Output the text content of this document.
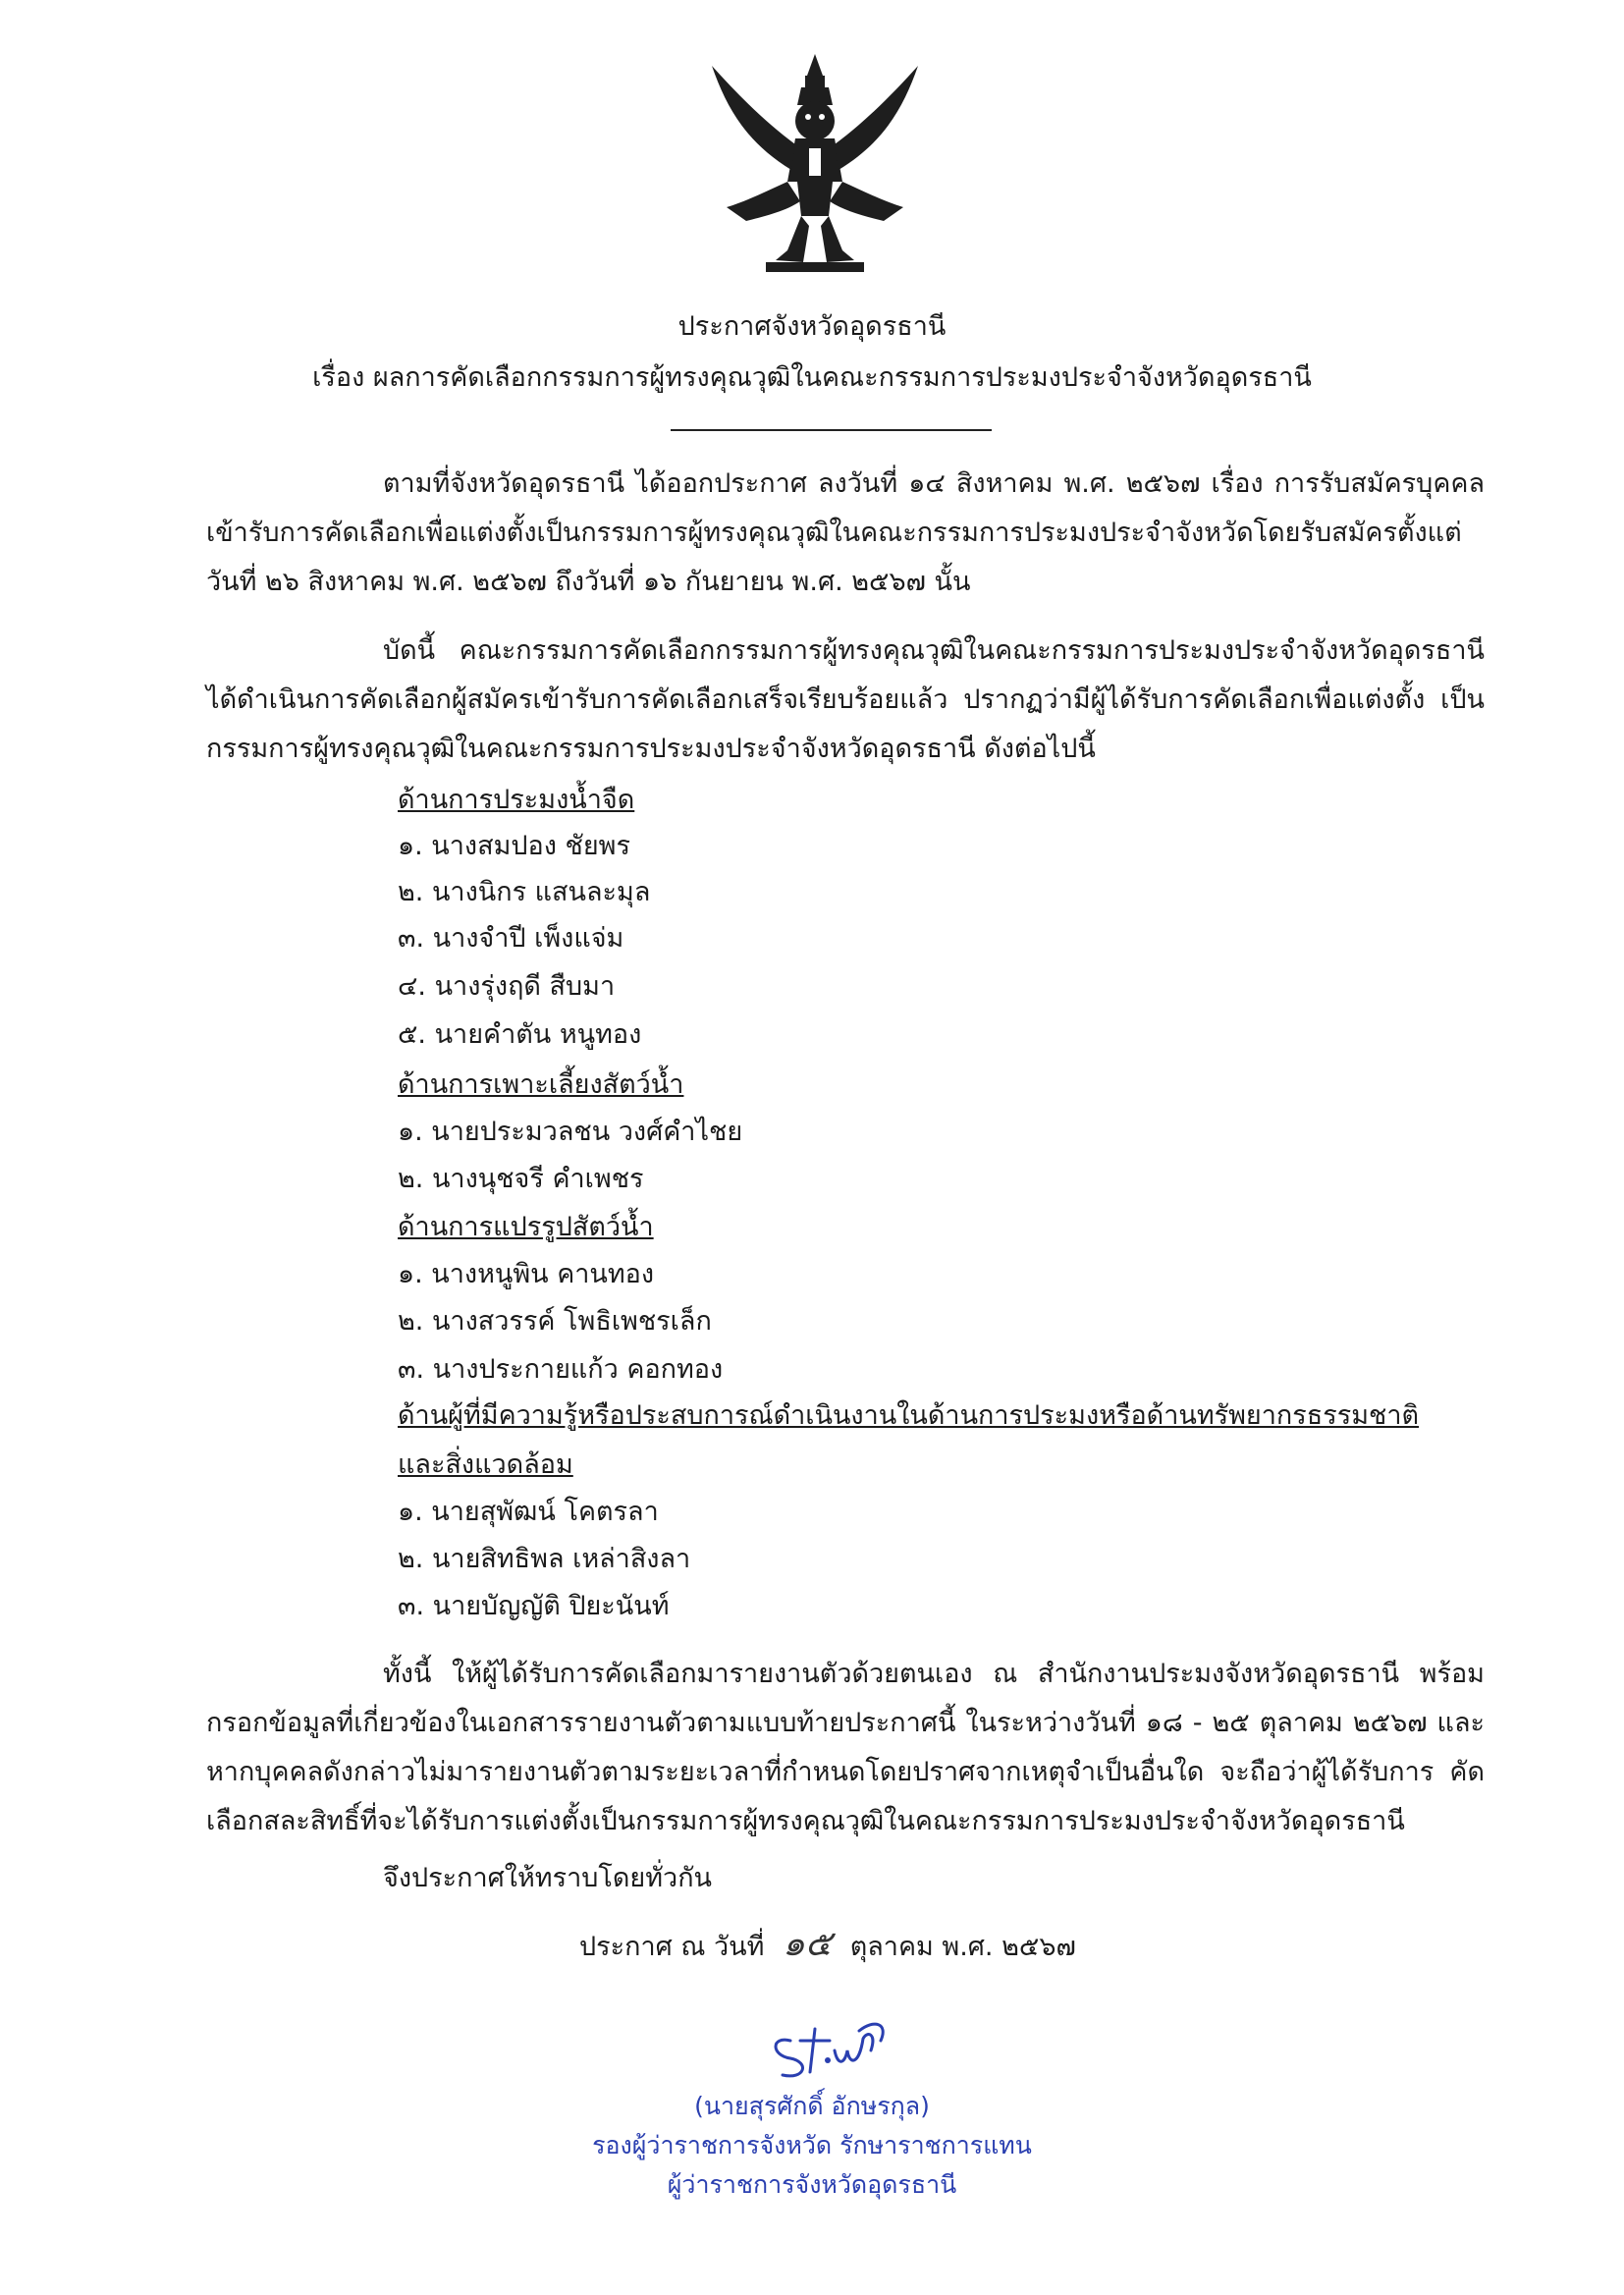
ประกาศจังหวัดอุดรธานี
เรื่อง ผลการคัดเลือกกรรมการผู้ทรงคุณวุฒิในคณะกรรมการประมงประจำจังหวัดอุดรธานี

ตามที่จังหวัดอุดรธานี ได้ออกประกาศ ลงวันที่ ๑๔ สิงหาคม พ.ศ. ๒๕๖๗ เรื่อง การรับสมัครบุคคล เข้ารับการคัดเลือกเพื่อแต่งตั้งเป็นกรรมการผู้ทรงคุณวุฒิในคณะกรรมการประมงประจำจังหวัดโดยรับสมัครตั้งแต่ วันที่ ๒๖ สิงหาคม พ.ศ. ๒๕๖๗ ถึงวันที่ ๑๖ กันยายน พ.ศ. ๒๕๖๗ นั้น

บัดนี้ คณะกรรมการคัดเลือกกรรมการผู้ทรงคุณวุฒิในคณะกรรมการประมงประจำจังหวัดอุดรธานี ได้ดำเนินการคัดเลือกผู้สมัครเข้ารับการคัดเลือกเสร็จเรียบร้อยแล้ว ปรากฏว่ามีผู้ได้รับการคัดเลือกเพื่อแต่งตั้ง เป็นกรรมการผู้ทรงคุณวุฒิในคณะกรรมการประมงประจำจังหวัดอุดรธานี ดังต่อไปนี้

ด้านการประมงน้ำจืด
๑. นางสมปอง ชัยพร
๒. นางนิกร แสนละมุล
๓. นางจำปี เพ็งแจ่ม
๔. นางรุ่งฤดี สืบมา
๕. นายคำตัน หนูทอง
ด้านการเพาะเลี้ยงสัตว์น้ำ
๑. นายประมวลชน วงศ์คำไชย
๒. นางนุชจรี คำเพชร
ด้านการแปรรูปสัตว์น้ำ
๑. นางหนูพิน คานทอง
๒. นางสวรรค์ โพธิเพชรเล็ก
๓. นางประกายแก้ว คอกทอง
ด้านผู้ที่มีความรู้หรือประสบการณ์ดำเนินงานในด้านการประมงหรือด้านทรัพยากรธรรมชาติ
และสิ่งแวดล้อม
๑. นายสุพัฒน์ โคตรลา
๒. นายสิทธิพล เหล่าสิงลา
๓. นายบัญญัติ ปิยะนันท์

ทั้งนี้ ให้ผู้ได้รับการคัดเลือกมารายงานตัวด้วยตนเอง ณ สำนักงานประมงจังหวัดอุดรธานี พร้อมกรอกข้อมูลที่เกี่ยวข้องในเอกสารรายงานตัวตามแบบท้ายประกาศนี้ ในระหว่างวันที่ ๑๘ - ๒๕ ตุลาคม ๒๕๖๗ และหากบุคคลดังกล่าวไม่มารายงานตัวตามระยะเวลาที่กำหนดโดยปราศจากเหตุจำเป็นอื่นใด จะถือว่าผู้ได้รับการ คัดเลือกสละสิทธิ์ที่จะได้รับการแต่งตั้งเป็นกรรมการผู้ทรงคุณวุฒิในคณะกรรมการประมงประจำจังหวัดอุดรธานี

จึงประกาศให้ทราบโดยทั่วกัน
ประกาศ ณ วันที่ ๑๕ ตุลาคม พ.ศ. ๒๕๖๗
(นายสุรศักดิ์ อักษรกุล)
รองผู้ว่าราชการจังหวัด รักษาราชการแทน
ผู้ว่าราชการจังหวัดอุดรธานี
